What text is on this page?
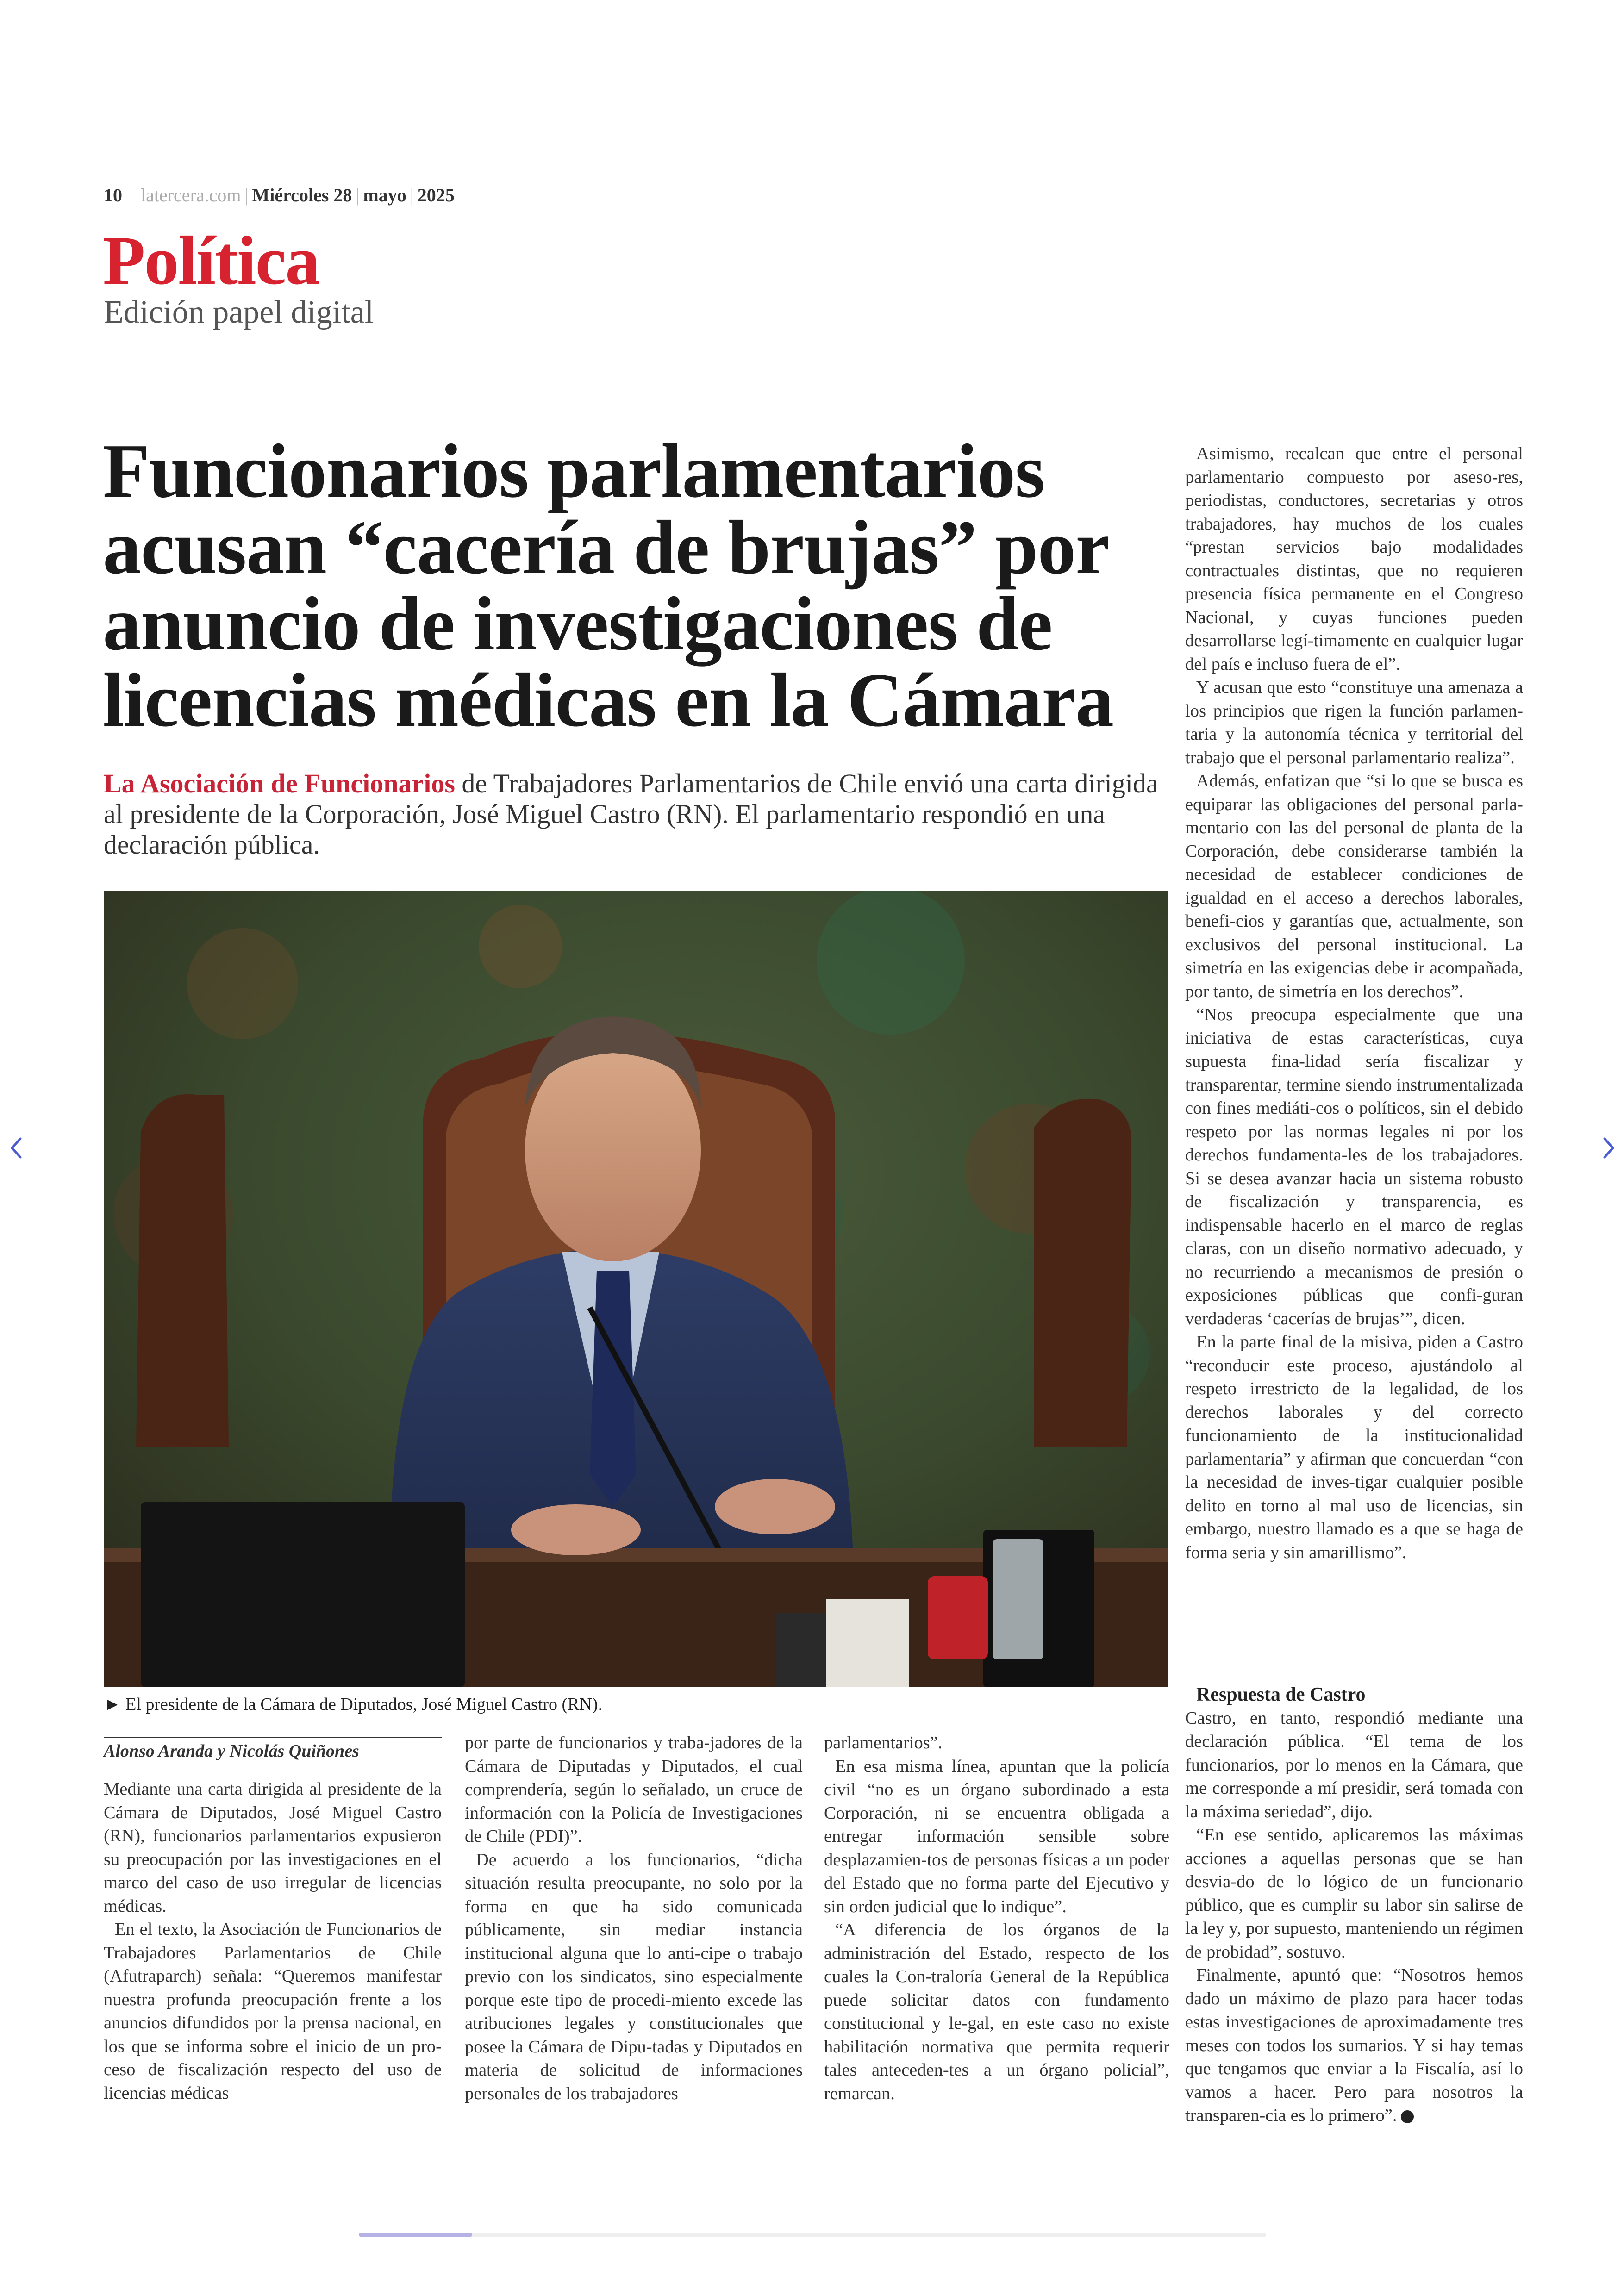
10 latercera.com | Miércoles 28 | mayo | 2025
Política
Edición papel digital
Funcionarios parlamentarios acusan “cacería de brujas” por anuncio de investigaciones de licencias médicas en la Cámara

La Asociación de Funcionarios de Trabajadores Parlamentarios de Chile envió una carta dirigida al presidente de la Corporación, José Miguel Castro (RN). El parlamentario respondió en una declaración pública.

► El presidente de la Cámara de Diputados, José Miguel Castro (RN).
Alonso Aranda y Nicolás Quiñones

Mediante una carta dirigida al presidente de la Cámara de Diputados, José Miguel Castro (RN), funcionarios parlamentarios expusieron su preocupación por las investigaciones en el marco del caso de uso irregular de licencias médicas.

En el texto, la Asociación de Funcionarios de Trabajadores Parlamentarios de Chile (Afutraparch) señala: “Queremos manifestar nuestra profunda preocupación frente a los anuncios difundidos por la prensa nacional, en los que se informa sobre el inicio de un pro-ceso de fiscalización respecto del uso de licencias médicas

por parte de funcionarios y traba-jadores de la Cámara de Diputadas y Diputados, el cual comprendería, según lo señalado, un cruce de información con la Policía de Investigaciones de Chile (PDI)”.

De acuerdo a los funcionarios, “dicha situación resulta preocupante, no solo por la forma en que ha sido comunicada públicamente, sin mediar instancia institucional alguna que lo anti-cipe o trabajo previo con los sindicatos, sino especialmente porque este tipo de procedi-miento excede las atribuciones legales y constitucionales que posee la Cámara de Dipu-tadas y Diputados en materia de solicitud de informaciones personales de los trabajadores

parlamentarios”.

En esa misma línea, apuntan que la policía civil “no es un órgano subordinado a esta Corporación, ni se encuentra obligada a entregar información sensible sobre desplazamien-tos de personas físicas a un poder del Estado que no forma parte del Ejecutivo y sin orden judicial que lo indique”.

“A diferencia de los órganos de la administración del Estado, respecto de los cuales la Con-traloría General de la República puede solicitar datos con fundamento constitucional y le-gal, en este caso no existe habilitación normativa que permita requerir tales anteceden-tes a un órgano policial”, remarcan.

Asimismo, recalcan que entre el personal parlamentario compuesto por aseso-res, periodistas, conductores, secretarias y otros trabajadores, hay muchos de los cuales “prestan servicios bajo modalidades contractuales distintas, que no requieren presencia física permanente en el Congreso Nacional, y cuyas funciones pueden desarrollarse legí-timamente en cualquier lugar del país e incluso fuera de el”.

Y acusan que esto “constituye una amenaza a los principios que rigen la función parlamen-taria y la autonomía técnica y territorial del trabajo que el personal parlamentario realiza”.

Además, enfatizan que “si lo que se busca es equiparar las obligaciones del personal parla-mentario con las del personal de planta de la Corporación, debe considerarse también la necesidad de establecer condiciones de igualdad en el acceso a derechos laborales, benefi-cios y garantías que, actualmente, son exclusivos del personal institucional. La simetría en las exigencias debe ir acompañada, por tanto, de simetría en los derechos”.

“Nos preocupa especialmente que una iniciativa de estas características, cuya supuesta fina-lidad sería fiscalizar y transparentar, termine siendo instrumentalizada con fines mediáti-cos o políticos, sin el debido respeto por las normas legales ni por los derechos fundamenta-les de los trabajadores. Si se desea avanzar hacia un sistema robusto de fiscalización y transparencia, es indispensable hacerlo en el marco de reglas claras, con un diseño normativo adecuado, y no recurriendo a mecanismos de presión o exposiciones públicas que confi-guran verdaderas ‘cacerías de brujas’”, dicen.

En la parte final de la misiva, piden a Castro “reconducir este proceso, ajustándolo al respeto irrestricto de la legalidad, de los derechos laborales y del correcto funcionamiento de la institucionalidad parlamentaria” y afirman que concuerdan “con la necesidad de inves-tigar cualquier posible delito en torno al mal uso de licencias, sin embargo, nuestro llamado es a que se haga de forma seria y sin amarillismo”.

Respuesta de Castro

Castro, en tanto, respondió mediante una declaración pública. “El tema de los funcionarios, por lo menos en la Cámara, que me corresponde a mí presidir, será tomada con la máxima seriedad”, dijo.

“En ese sentido, aplicaremos las máximas acciones a aquellas personas que se han desvia-do de lo lógico de un funcionario público, que es cumplir su labor sin salirse de la ley y, por supuesto, manteniendo un régimen de probidad”, sostuvo.

Finalmente, apuntó que: “Nosotros hemos dado un máximo de plazo para hacer todas estas investigaciones de aproximadamente tres meses con todos los sumarios. Y si hay temas que tengamos que enviar a la Fiscalía, así lo vamos a hacer. Pero para nosotros la transparen-cia es lo primero”.
